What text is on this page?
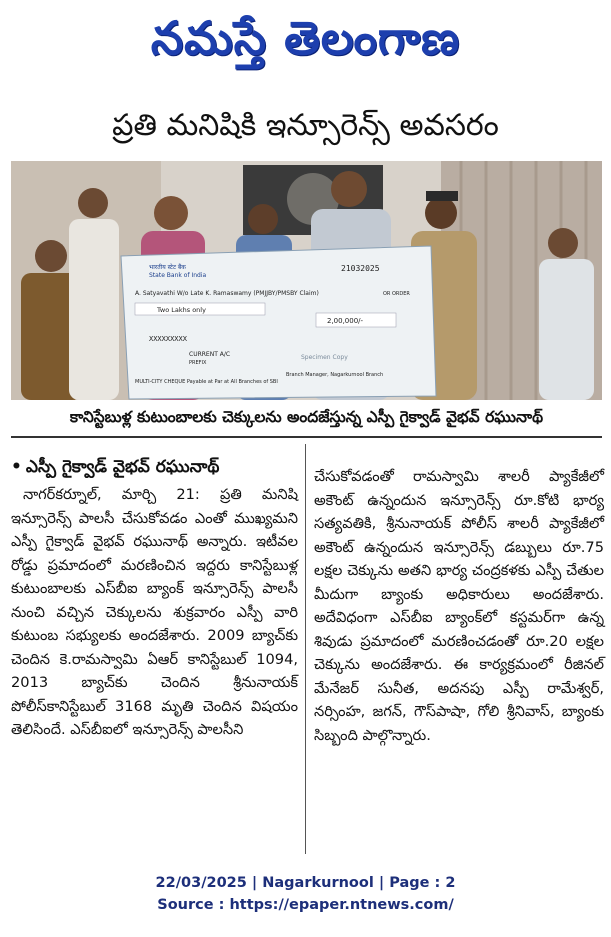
నమస్తే తెలంగాణ
ప్రతి మనిషికి ఇన్సూరెన్స్‌ అవసరం
भारतीय स्टेट बैंक
State Bank of India
21032025
A. Satyavathi W/o Late K. Ramaswamy (PMJJBY/PMSBY Claim)	OR ORDER
Two Lakhs only
2,00,000/-
XXXXXXXXX
CURRENT A/C
PREFIX
MULTI-CITY CHEQUE Payable at Par at All Branches of SBI
Specimen Copy
Branch Manager, Nagarkurnool Branch
కానిస్టేబుళ్ల కుటుంబాలకు చెక్కులను అందజేస్తున్న ఎస్పీ గైక్వాడ్‌ వైభవ్‌ రఘునాథ్‌
• ఎస్పీ గైక్వాడ్‌ వైభవ్‌ రఘునాథ్‌

నాగర్‌కర్నూల్‌, మార్చి 21: ప్రతి మనిషి ఇన్సూరెన్స్‌ పాలసీ చేసుకోవడం ఎంతో ముఖ్యమని ఎస్పీ గైక్వాడ్‌ వైభవ్‌ రఘునాథ్‌ అన్నారు. ఇటీవల రోడ్డు ప్రమాదంలో మరణించిన ఇద్దరు కానిస్టేబుళ్ల కుటుంబాలకు ఎస్‌బీఐ బ్యాంక్‌ ఇన్సూరెన్స్‌ పాలసీ నుంచి వచ్చిన చెక్కులను శుక్రవారం ఎస్పీ వారి కుటుంబ సభ్యులకు అందజేశారు. 2009 బ్యాచ్‌కు చెందిన కె.రామస్వామి ఏఆర్‌ కానిస్టేబుల్‌ 1094, 2013 బ్యాచ్‌కు చెందిన శ్రీనునాయక్‌ పోలీస్‌కానిస్టేబుల్‌ 3168 మృతి చెందిన విషయం తెలిసిందే. ఎస్‌బీఐలో ఇన్సూరెన్స్‌ పాలసీని

చేసుకోవడంతో రామస్వామి శాలరీ ప్యాకేజీలో అకౌంట్‌ ఉన్నందున ఇన్సూరెన్స్‌ రూ.కోటి భార్య సత్యవతికి, శ్రీనునాయక్‌ పోలీస్‌ శాలరీ ప్యాకేజీలో అకౌంట్‌ ఉన్నందున ఇన్సూరెన్స్‌ డబ్బులు రూ.75 లక్షల చెక్కును అతని భార్య చంద్రకళకు ఎస్పీ చేతుల మీదుగా బ్యాంకు అధికారులు అందజేశారు. అదేవిధంగా ఎస్‌బీఐ బ్యాంక్‌లో కస్టమర్‌గా ఉన్న శివుడు ప్రమాదంలో మరణించడంతో రూ.20 లక్షల చెక్కును అందజేశారు. ఈ కార్యక్రమంలో రీజినల్‌ మేనేజర్‌ సునీత, అదనపు ఎస్పీ రామేశ్వర్‌, నర్సింహ, జగన్‌, గౌస్‌పాషా, గోలి శ్రీనివాస్‌, బ్యాంకు సిబ్బంది పాల్గొన్నారు.

22/03/2025 | Nagarkurnool | Page : 2
Source : https://epaper.ntnews.com/
